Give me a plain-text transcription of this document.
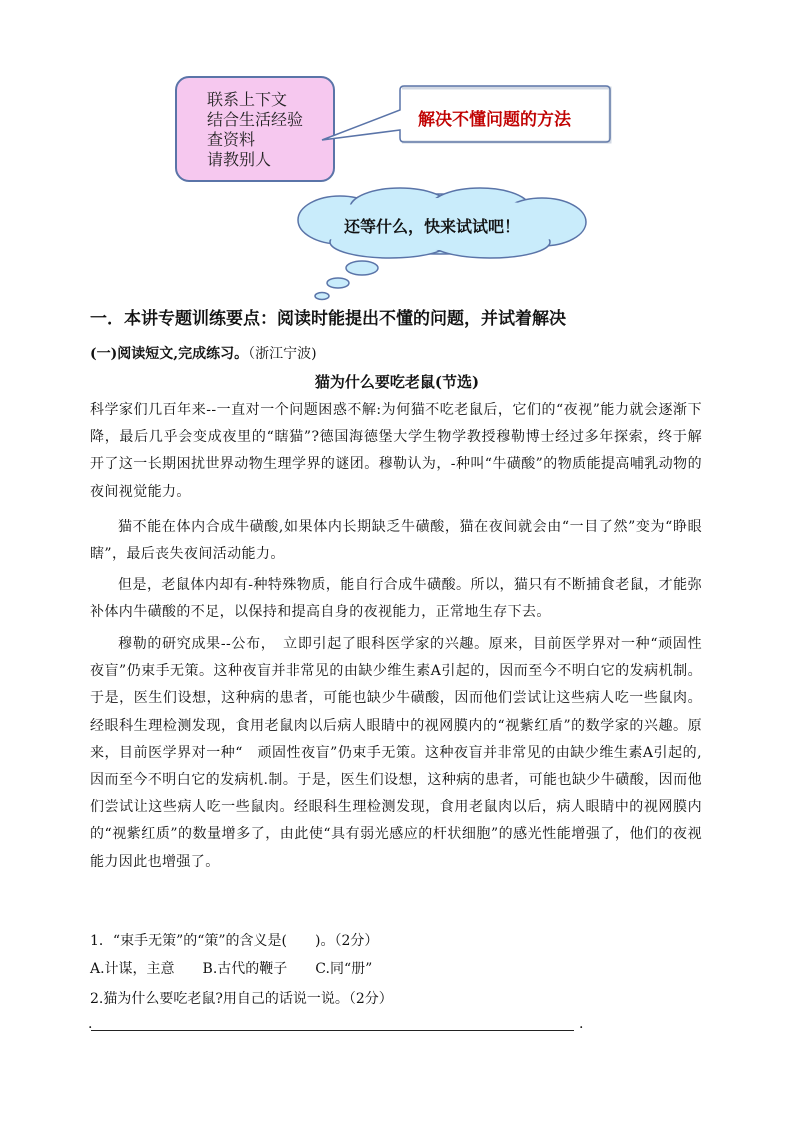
联系上下文
结合生活经验
查资料
请教别人
解决不懂问题的方法
还等什么，快来试试吧！
一．本讲专题训练要点：阅读时能提出不懂的问题，并试着解决
(一)阅读短文,完成练习。（浙江宁波)
猫为什么要吃老鼠(节选)
科学家们几百年来--一直对一个问题困惑不解:为何猫不吃老鼠后，它们的“夜视”能力就会逐渐下降，最后几乎会变成夜里的“瞎猫”?德国海德堡大学生物学教授穆勒博士经过多年探索，终于解开了这一长期困扰世界动物生理学界的谜团。穆勒认为，-种叫“牛磺酸”的物质能提高哺乳动物的夜间视觉能力。
猫不能在体内合成牛磺酸,如果体内长期缺乏牛磺酸，猫在夜间就会由“一目了然”变为“睁眼瞎”，最后丧失夜间活动能力。
但是，老鼠体内却有-种特殊物质，能自行合成牛磺酸。所以，猫只有不断捕食老鼠，才能弥补体内牛磺酸的不足，以保持和提高自身的夜视能力，正常地生存下去。
穆勒的研究成果--公布，　立即引起了眼科医学家的兴趣。原来，目前医学界对一种“顽固性夜盲”仍束手无策。这种夜盲并非常见的由缺少维生素A引起的，因而至今不明白它的发病机制。于是，医生们设想，这种病的患者，可能也缺少牛磺酸，因而他们尝试让这些病人吃一些鼠肉。经眼科生理检测发现，食用老鼠肉以后病人眼睛中的视网膜内的“视紫红盾”的数学家的兴趣。原来，目前医学界对一种“　顽固性夜盲”仍束手无策。这种夜盲并非常见的由缺少维生素A引起的,因而至今不明白它的发病机.制。于是，医生们设想，这种病的患者，可能也缺少牛磺酸，因而他们尝试让这些病人吃一些鼠肉。经眼科生理检测发现，食用老鼠肉以后，病人眼睛中的视网膜内的“视紫红质”的数量增多了，由此使“具有弱光感应的杆状细胞”的感光性能增强了，他们的夜视能力因此也增强了。
1．“束手无策”的“策”的含义是(　　)。（2分）
A.计谋，主意　　B.古代的鞭子　　C.同“册”
2.猫为什么要吃老鼠?用自己的话说一说。（2分）
.	.
